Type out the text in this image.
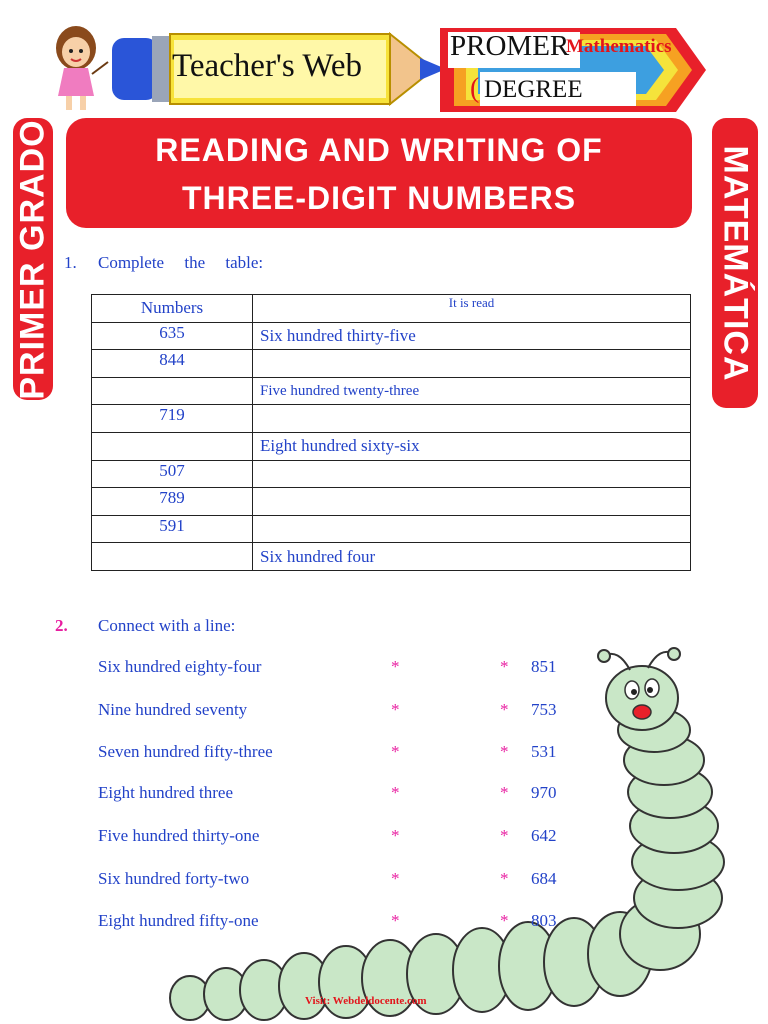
Teacher's Web
PROMER
Mathematics
( DEGREE
PRIMER GRADO	MATEMÁTICA
READING AND WRITING OF
THREE-DIGIT NUMBERS
1. Complete the table:
Numbers	It is read
635	Six hundred thirty-five
844	
	Five hundred twenty-three
719	
	Eight hundred sixty-six
507	
789	
591	
	Six hundred four
2. Connect with a line:
Six hundred eighty-four	*	* 851
Nine hundred seventy	*	* 753
Seven hundred fifty-three	*	* 531
Eight hundred three	*	* 970
Five hundred thirty-one	*	* 642
Six hundred forty-two	*	* 684
Eight hundred fifty-one	*	* 803
Visit: Webdeldocente.com
